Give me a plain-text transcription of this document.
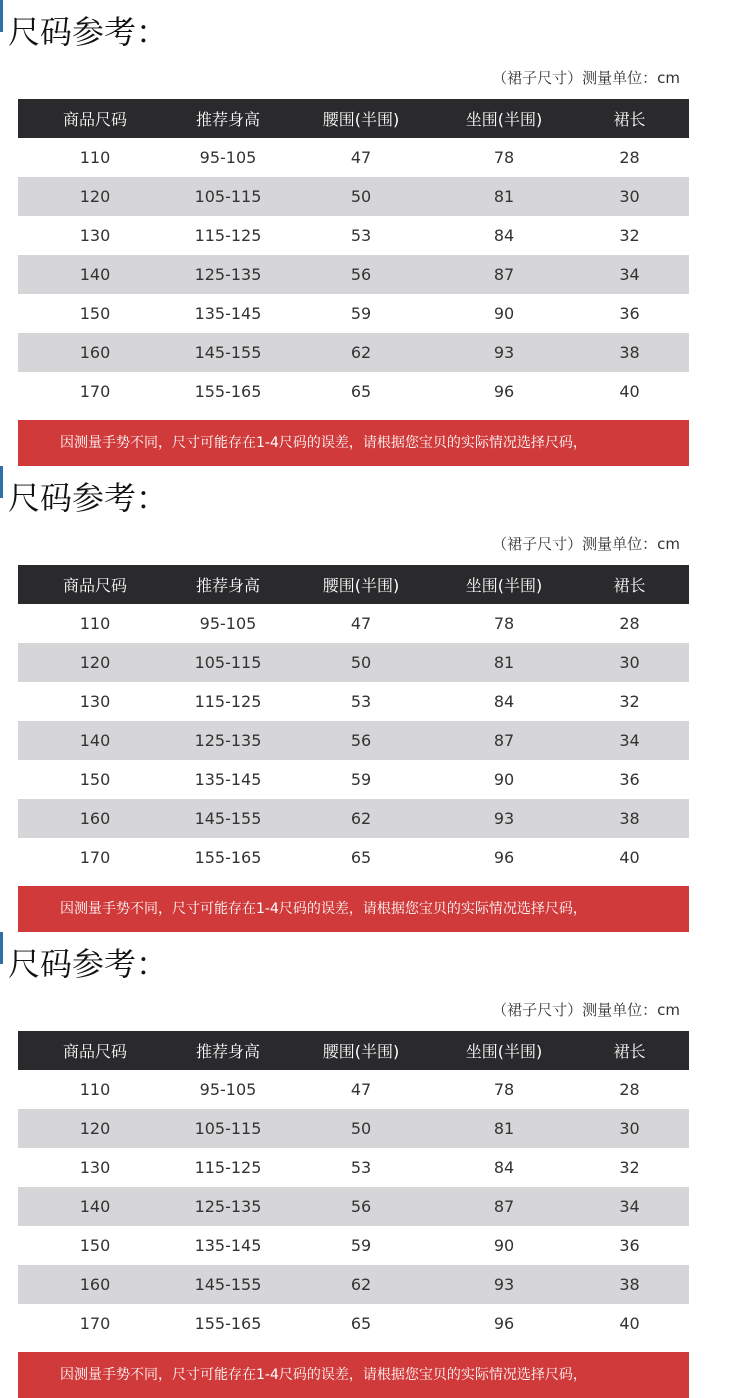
尺码参考：
（裙子尺寸）测量单位：cm
商品尺码	推荐身高	腰围(半围)	坐围(半围)	裙长
110	95-105	47	78	28
120	105-115	50	81	30
130	115-125	53	84	32
140	125-135	56	87	34
150	135-145	59	90	36
160	145-155	62	93	38
170	155-165	65	96	40
因测量手势不同，尺寸可能存在1-4尺码的误差，请根据您宝贝的实际情况选择尺码，
尺码参考：
（裙子尺寸）测量单位：cm
商品尺码	推荐身高	腰围(半围)	坐围(半围)	裙长
110	95-105	47	78	28
120	105-115	50	81	30
130	115-125	53	84	32
140	125-135	56	87	34
150	135-145	59	90	36
160	145-155	62	93	38
170	155-165	65	96	40
因测量手势不同，尺寸可能存在1-4尺码的误差，请根据您宝贝的实际情况选择尺码，
尺码参考：
（裙子尺寸）测量单位：cm
商品尺码	推荐身高	腰围(半围)	坐围(半围)	裙长
110	95-105	47	78	28
120	105-115	50	81	30
130	115-125	53	84	32
140	125-135	56	87	34
150	135-145	59	90	36
160	145-155	62	93	38
170	155-165	65	96	40
因测量手势不同，尺寸可能存在1-4尺码的误差，请根据您宝贝的实际情况选择尺码，
